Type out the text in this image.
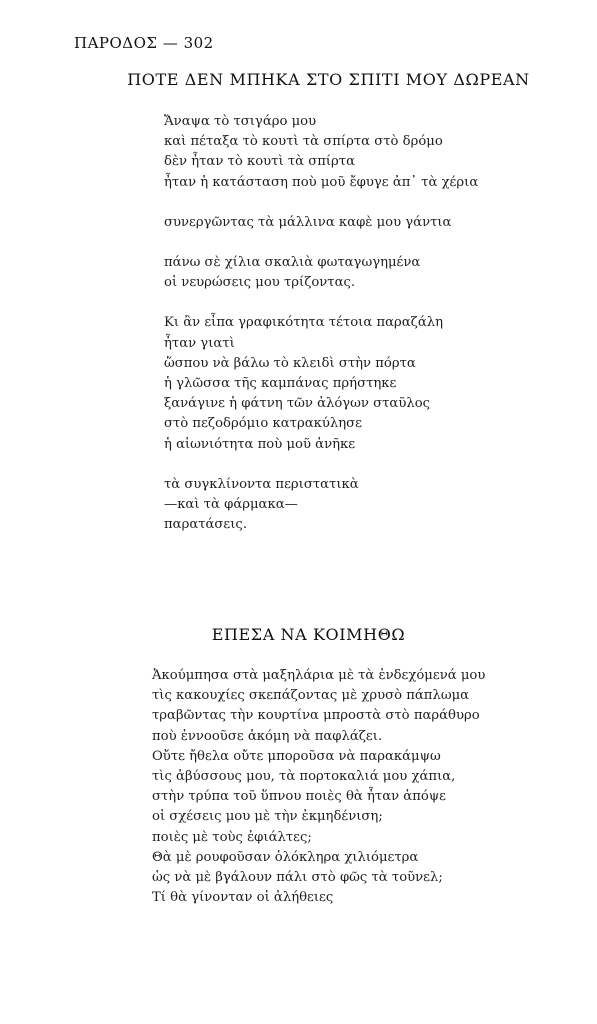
ΠΑΡΟΔΟΣ — 302
ΠΟΤΕ ΔΕΝ ΜΠΗΚΑ ΣΤΟ ΣΠΙΤΙ ΜΟΥ ΔΩΡΕΑΝ
Ἄναψα τὸ τσιγάρο μου
καὶ πέταξα τὸ κουτὶ τὰ σπίρτα στὸ δρόμο
δὲν ἦταν τὸ κουτὶ τὰ σπίρτα
ἦταν ἡ κατάσταση ποὺ μοῦ ἔφυγε ἀπ᾽ τὰ χέρια
συνεργῶντας τὰ μάλλινα καφὲ μου γάντια
πάνω σὲ χίλια σκαλιὰ φωταγωγημένα
οἱ νευρώσεις μου τρίζοντας.
Κι ἂν εἶπα γραφικότητα τέτοια παραζάλη
ἦταν γιατὶ
ὥσπου νὰ βάλω τὸ κλειδὶ στὴν πόρτα
ἡ γλῶσσα τῆς καμπάνας πρήστηκε
ξανάγινε ἡ φάτνη τῶν ἀλόγων σταῦλος
στὸ πεζοδρόμιο κατρακύλησε
ἡ αἰωνιότητα ποὺ μοῦ ἀνῆκε
τὰ συγκλίνοντα περιστατικὰ
—καὶ τὰ φάρμακα—
παρατάσεις.
ΕΠΕΣΑ ΝΑ ΚΟΙΜΗΘΩ
Ἀκούμπησα στὰ μαξηλάρια μὲ τὰ ἐνδεχόμενά μου
τὶς κακουχίες σκεπάζοντας μὲ χρυσὸ πάπλωμα
τραβῶντας τὴν κουρτίνα μπροστὰ στὸ παράθυρο
ποὺ ἐννοοῦσε ἀκόμη νὰ παφλάζει.
Οὔτε ἤθελα οὔτε μποροῦσα νὰ παρακάμψω
τὶς ἀβύσσους μου, τὰ πορτοκαλιά μου χάπια,
στὴν τρύπα τοῦ ὕπνου ποιὲς θὰ ἦταν ἀπόψε
οἱ σχέσεις μου μὲ τὴν ἐκμηδένιση;
ποιὲς μὲ τοὺς ἐφιάλτες;
Θὰ μὲ ρουφοῦσαν ὁλόκληρα χιλιόμετρα
ὡς νὰ μὲ βγάλουν πάλι στὸ φῶς τὰ τοῦνελ;
Τί θὰ γίνονταν οἱ ἀλήθειες
